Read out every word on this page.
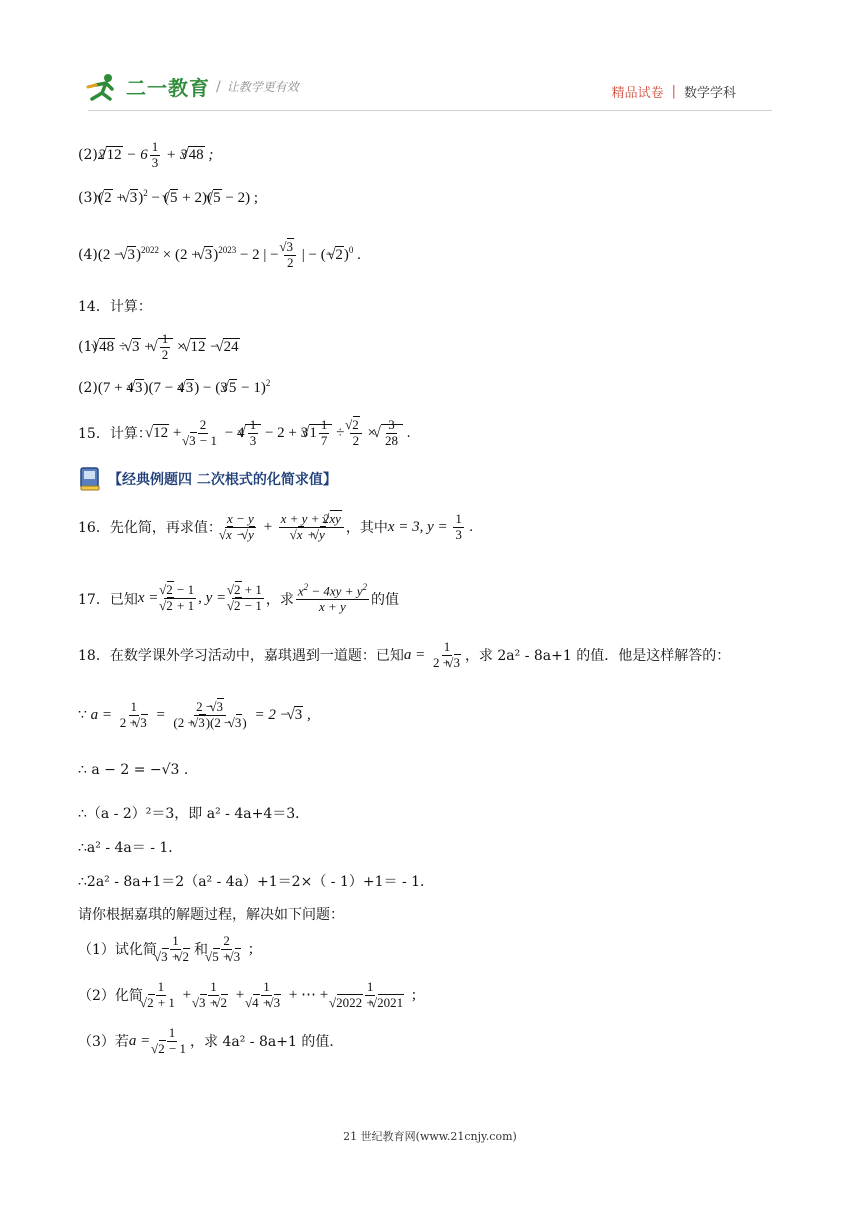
二一教育 / 让教学更有效	精品试卷 | 数学学科
(2) 2√ $12 - 6 \frac{1}{3} + 3√$ 48 ;
(3) (√ 2 + √ 3)$^2$ − (√ 5 + 2)(√ 5 − 2) ;
(4) (2 − √ 3)$^{2022}$ × (2 + √ 3)$^{2023}$ − 2 | − √ $\frac{3}{2}$ | − (−√ 2)$^0$ .
14．计算：
(1) √ 48 ÷ √ 3 + √ $\frac{1}{2}$ × √ 12 − √ 24
(2) (7 + 4√ 3)(7 − 4√ 3) − (3√ 5 − 1)$^2$
15．计算： √ 12 + 2
√ 3 − 1 − 4 √ $\frac{1}{3} - 2 + 3√$ $1 \frac{1}{7}$ ÷ √ $\frac{2}{2}$ × √ $\frac{3}{28}$ .
【经典例题四 二次根式的化简求值】
16．先化简，再求值： x − y
√ x − √ y + x + y + 2√ xy
√ x + √ y ，其中 x = 3, $y = \frac{1}{3}$ .
17．已知 x = √ 2 − 1
√ 2 + 1 , y = √ 2 + 1
√ 2 − 1 ，求 $\frac{x^2 - 4xy + y^2}{x + y}$ 的值
18．在数学课外学习活动中，嘉琪遇到一道题：已知 $a = \frac{1}{2 + √ 3}$ ，求 2a² - 8a+1 的值．他是这样解答的：
∵ $a = \frac{1}{2 + √ 3} = \frac{2 - √ 3}{(2 + √ 3)(2 - √ 3)} = 2$ − √ 3 ,
∴ a − 2 = −√3 .
∴（a - 2）²＝3，即 a² - 4a+4＝3．
∴a² - 4a＝ - 1．
∴2a² - 8a+1＝2（a² - 4a）+1＝2×（ - 1）+1＝ - 1．
请你根据嘉琪的解题过程，解决如下问题：
（1）试化简 1
√ 3 + √ 2 和 2
√ 5 + √ 3 ;
（2）化简 1
√ 2 + 1 + 1
√ 3 + √ 2 + 1
√ 4 + √ 3 + ⋯ + 1
√ 2022 + √ 2021 ;
（3）若 a = 1
√ 2 − 1 ，求 4a² - 8a+1 的值．
21 世纪教育网(www.21cnjy.com)
